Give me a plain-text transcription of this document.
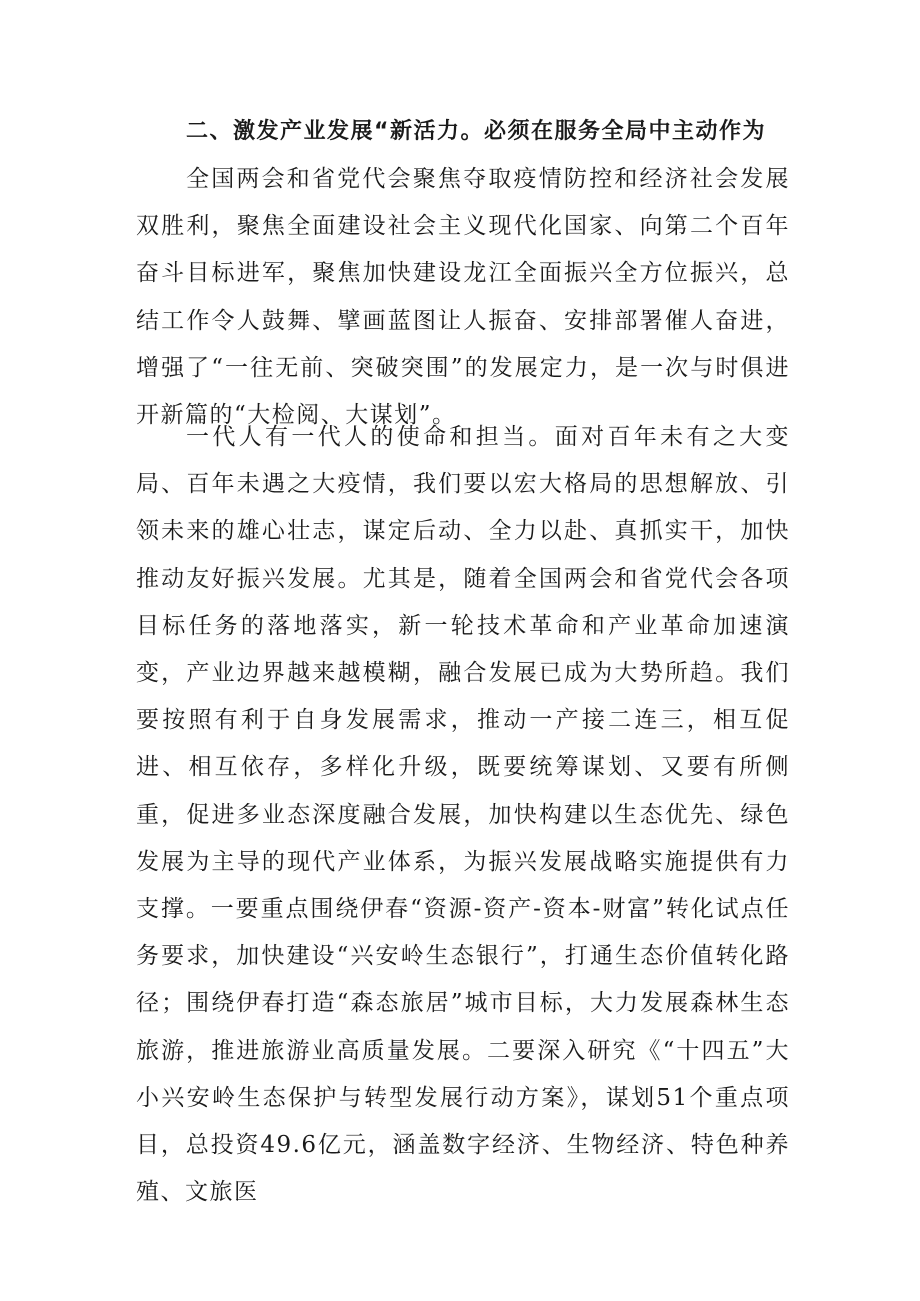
二、激发产业发展“新活力。必须在服务全局中主动作为

全国两会和省党代会聚焦夺取疫情防控和经济社会发展双胜利，聚焦全面建设社会主义现代化国家、向第二个百年奋斗目标进军，聚焦加快建设龙江全面振兴全方位振兴，总结工作令人鼓舞、擘画蓝图让人振奋、安排部署催人奋进，增强了“一往无前、突破突围”的发展定力，是一次与时俱进开新篇的“大检阅、大谋划”。

一代人有一代人的使命和担当。面对百年未有之大变局、百年未遇之大疫情，我们要以宏大格局的思想解放、引领未来的雄心壮志，谋定后动、全力以赴、真抓实干，加快推动友好振兴发展。尤其是，随着全国两会和省党代会各项目标任务的落地落实，新一轮技术革命和产业革命加速演变，产业边界越来越模糊，融合发展已成为大势所趋。我们要按照有利于自身发展需求，推动一产接二连三，相互促进、相互依存，多样化升级，既要统筹谋划、又要有所侧重，促进多业态深度融合发展，加快构建以生态优先、绿色发展为主导的现代产业体系，为振兴发展战略实施提供有力支撑。一要重点围绕伊春“资源-资产-资本-财富”转化试点任务要求，加快建设“兴安岭生态银行”，打通生态价值转化路径；围绕伊春打造“森态旅居”城市目标，大力发展森林生态旅游，推进旅游业高质量发展。二要深入研究《“十四五”大小兴安岭生态保护与转型发展行动方案》，谋划51个重点项目，总投资49.6亿元，涵盖数字经济、生物经济、特色种养殖、文旅医
